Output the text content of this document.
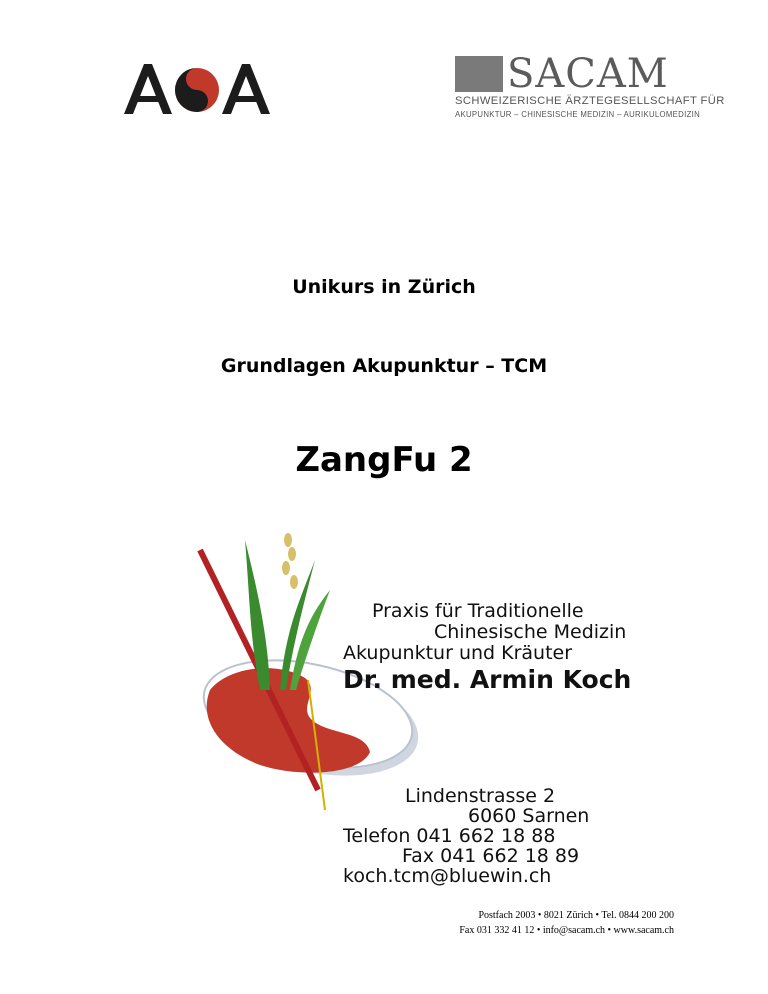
SACAM
SCHWEIZERISCHE ÄRZTEGESELLSCHAFT FÜR
AKUPUNKTUR – CHINESISCHE MEDIZIN – AURIKULOMEDIZIN
Unikurs in Zürich
Grundlagen Akupunktur – TCM
ZangFu 2
Praxis für Traditionelle
Chinesische Medizin
Akupunktur und Kräuter
Dr. med. Armin Koch
Lindenstrasse 2
6060 Sarnen
Telefon 041 662 18 88
Fax 041 662 18 89
koch.tcm@bluewin.ch
Postfach 2003 • 8021 Zürich • Tel. 0844 200 200
Fax 031 332 41 12 • info@sacam.ch • www.sacam.ch
